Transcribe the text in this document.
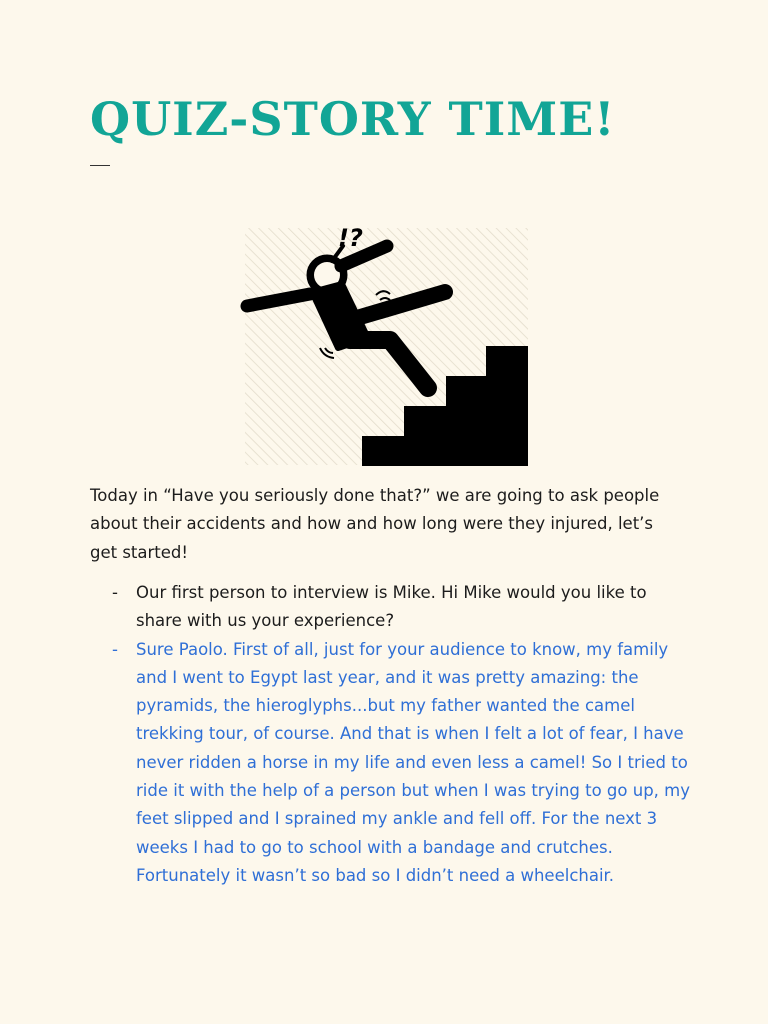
QUIZ-STORY TIME!
!?

Today in “Have you seriously done that?” we are going to ask people about their accidents and how and how long were they injured, let’s get started!

- Our first person to interview is Mike. Hi Mike would you like to share with us your experience?
- Sure Paolo. First of all, just for your audience to know, my family and I went to Egypt last year, and it was pretty amazing: the pyramids, the hieroglyphs...but my father wanted the camel trekking tour, of course. And that is when I felt a lot of fear, I have never ridden a horse in my life and even less a camel! So I tried to ride it with the help of a person but when I was trying to go up, my feet slipped and I sprained my ankle and fell off. For the next 3 weeks I had to go to school with a bandage and crutches. Fortunately it wasn’t so bad so I didn’t need a wheelchair.
